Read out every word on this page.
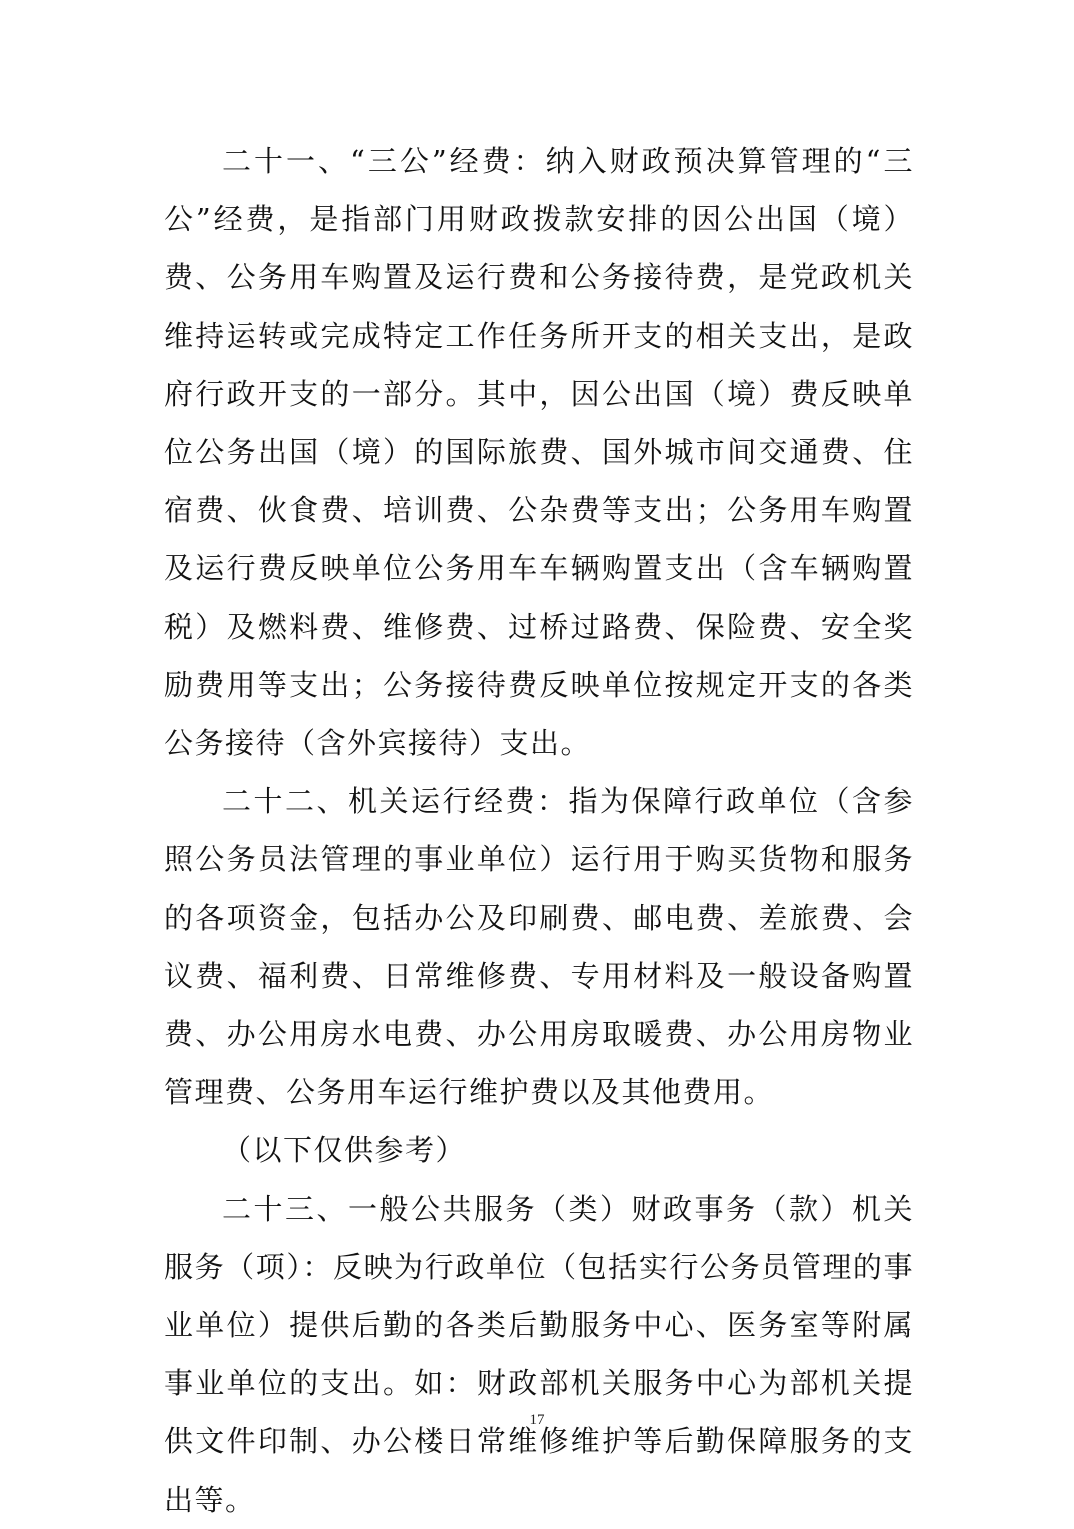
二十一、“三公”经费：纳入财政预决算管理的“三公”经费，是指部门用财政拨款安排的因公出国（境）费、公务用车购置及运行费和公务接待费，是党政机关维持运转或完成特定工作任务所开支的相关支出，是政府行政开支的一部分。其中，因公出国（境）费反映单位公务出国（境）的国际旅费、国外城市间交通费、住宿费、伙食费、培训费、公杂费等支出；公务用车购置及运行费反映单位公务用车车辆购置支出（含车辆购置税）及燃料费、维修费、过桥过路费、保险费、安全奖励费用等支出；公务接待费反映单位按规定开支的各类公务接待（含外宾接待）支出。

二十二、机关运行经费：指为保障行政单位（含参照公务员法管理的事业单位）运行用于购买货物和服务的各项资金，包括办公及印刷费、邮电费、差旅费、会议费、福利费、日常维修费、专用材料及一般设备购置费、办公用房水电费、办公用房取暖费、办公用房物业管理费、公务用车运行维护费以及其他费用。

（以下仅供参考）

二十三、一般公共服务（类）财政事务（款）机关服务（项）：反映为行政单位（包括实行公务员管理的事业单位）提供后勤的各类后勤服务中心、医务室等附属事业单位的支出。如：财政部机关服务中心为部机关提供文件印制、办公楼日常维修维护等后勤保障服务的支出等。

17
